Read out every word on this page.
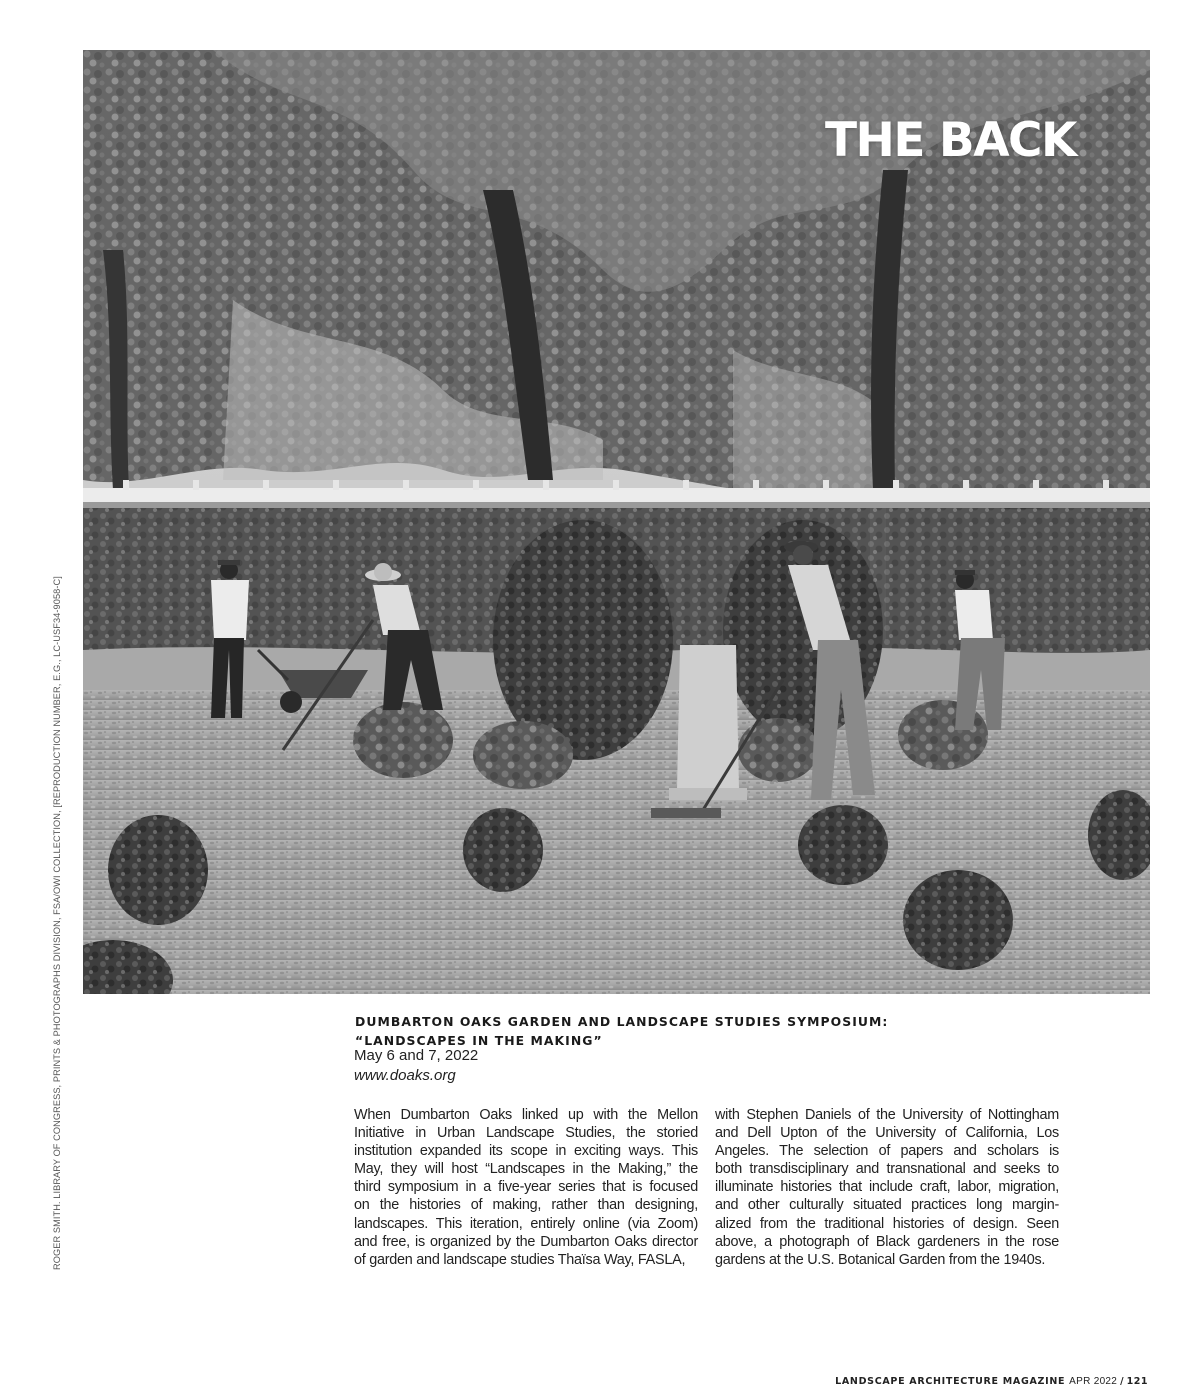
ROGER SMITH. LIBRARY OF CONGRESS, PRINTS & PHOTOGRAPHS DIVISION, FSA/OWI COLLECTION, [REPRODUCTION NUMBER, E.G., LC-USF34-9058-C]
THE BACK
DUMBARTON OAKS GARDEN AND LANDSCAPE STUDIES SYMPOSIUM:
“LANDSCAPES IN THE MAKING”
May 6 and 7, 2022
www.doaks.org
When Dumbarton Oaks linked up with the Mellon
Initiative in Urban Landscape Studies, the storied
institution expanded its scope in exciting ways. This
May, they will host “Landscapes in the Making,” the
third symposium in a five-year series that is focused
on the histories of making, rather than designing,
landscapes. This iteration, entirely online (via Zoom)
and free, is organized by the Dumbarton Oaks director
of garden and landscape studies Thaïsa Way, FASLA,
with Stephen Daniels of the University of Nottingham
and Dell Upton of the University of California, Los
Angeles. The selection of papers and scholars is
both transdisciplinary and transnational and seeks to
illuminate histories that include craft, labor, migration,
and other culturally situated practices long margin-
alized from the traditional histories of design. Seen
above, a photograph of Black gardeners in the rose
gardens at the U.S. Botanical Garden from the 1940s.
LANDSCAPE ARCHITECTURE MAGAZINE APR 2022 / 121
